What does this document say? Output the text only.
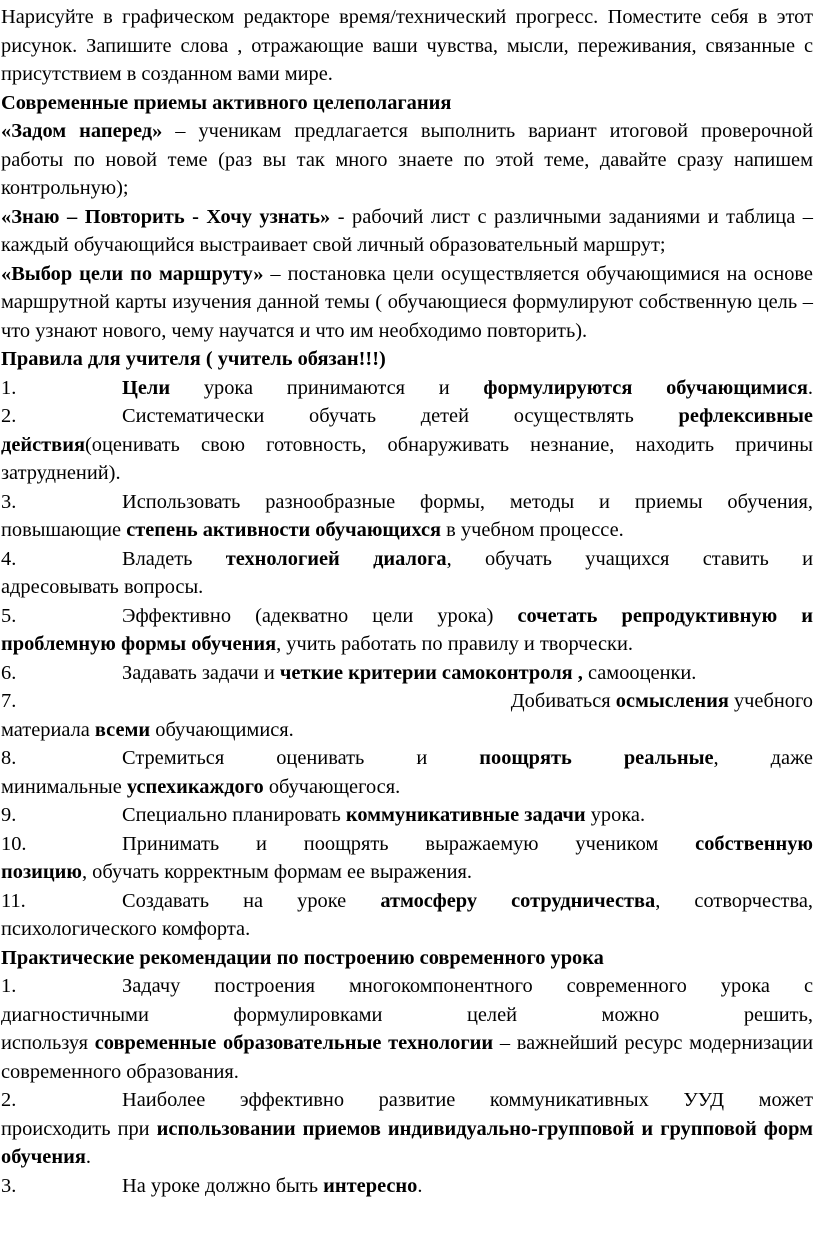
Нарисуйте в графическом редакторе время/технический прогресс. Поместите себя в этот рисунок. Запишите слова , отражающие ваши чувства, мысли, переживания, связанные с присутствием в созданном вами мире.

Современные приемы активного целеполагания

«Задом наперед» – ученикам предлагается выполнить вариант итоговой проверочной работы по новой теме (раз вы так много знаете по этой теме, давайте сразу напишем контрольную);

«Знаю – Повторить - Хочу узнать» - рабочий лист с различными заданиями и таблица – каждый обучающийся выстраивает свой личный образовательный маршрут;

«Выбор цели по маршруту» – постановка цели осуществляется обучающимися на основе маршрутной карты изучения данной темы ( обучающиеся формулируют собственную цель – что узнают нового, чему научатся и что им необходимо повторить).

Правила для учителя ( учитель обязан!!!)

1.	Цели урока принимаются и формулируются обучающимися.
2.	Систематически обучать детей осуществлять рефлексивные

действия(оценивать свою готовность, обнаруживать незнание, находить причины затруднений).

3.	Использовать разнообразные формы, методы и приемы обучения,

повышающие степень активности обучающихся в учебном процессе.

4.	Владеть технологией диалога, обучать учащихся ставить и

адресовывать вопросы.

5.	Эффективно (адекватно цели урока) сочетать репродуктивную и

проблемную формы обучения, учить работать по правилу и творчески.

6.	Задавать задачи и четкие критерии самоконтроля , самооценки.
7.	Добиваться осмысления учебного

материала всеми обучающимися.

8.	Стремиться оценивать и поощрять реальные, даже

минимальные успехикаждого обучающегося.

9.	Специально планировать коммуникативные задачи урока.
10.	Принимать и поощрять выражаемую учеником собственную

позицию, обучать корректным формам ее выражения.

11.	Создавать на уроке атмосферу сотрудничества, сотворчества,

психологического комфорта.

Практические рекомендации по построению современного урока

1.	Задачу построения многокомпонентного современного урока с

диагностичными формулировками целей можно решить,

используя современные образовательные технологии – важнейший ресурс модернизации современного образования.

2.	Наиболее эффективно развитие коммуникативных УУД может

происходить при использовании приемов индивидуально-групповой и групповой форм обучения.

3.	На уроке должно быть интересно.
